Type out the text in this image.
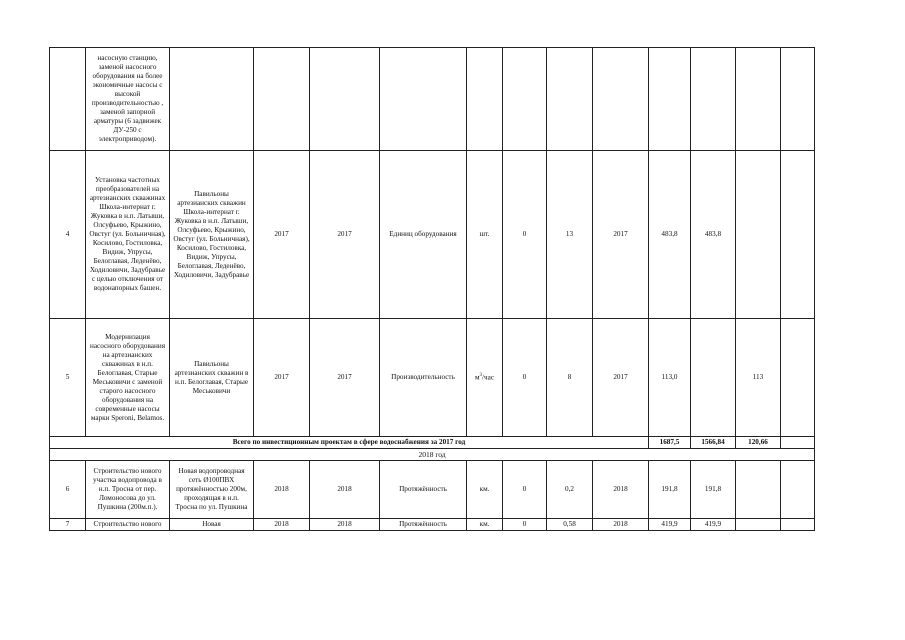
	насосную станцию, заменой насосного оборудования на более экономичные насосы с высокой производительностью , заменой запорной арматуры (6 задвижек ДУ-250 с электроприводом).												
4	Установка частотных преобразователей на артезианских скважинах Школа-интернат г. Жуковка в н.п. Латыши, Олсуфьево, Крыжино, Овстуг (ул. Больничная), Косилово, Гостиловка, Видиж, Упрусы, Белоглавая, Леденёво, Ходиловичи, Задубравье с целью отключения от водонапорных башен.	Павильоны артезианских скважин Школа-интернат г. Жуковка в н.п. Латыши, Олсуфьево, Крыжино, Овстуг (ул. Больничная), Косилово, Гостиловка, Видиж, Упрусы, Белоглавая, Леденёво, Ходиловичи, Задубравье	2017	2017	Единиц оборудования	шт.	0	13	2017	483,8	483,8		
5	Модернизация насосного оборудования на артезианских скважинах в н.п. Белоглавая, Старые Меськовичи с заменой старого насосного оборудования на современные насосы марки Speroni, Belamos.	Павильоны артезианских скважин в н.п. Белоглавая, Старые Меськовичи	2017	2017	Производительность	$м^3$/час	0	8	2017	113,0		113	
Всего по инвестиционным проектам в сфере водоснабжения за 2017 год										1687,5	1566,84	120,66	
2018 год													
6	Строительство нового участка водопровода в н.п. Тросна от пер. Ломоносова до ул. Пушкина (200м.п.).	Новая водопроводная сеть Ø100ПВХ протяжённостью 200м, проходящая в н.п. Тросна по ул. Пушкина	2018	2018	Протяжённость	км.	0	0,2	2018	191,8	191,8		
7	Строительство нового	Новая	2018	2018	Протяжённость	км.	0	0,58	2018	419,9	419,9		
